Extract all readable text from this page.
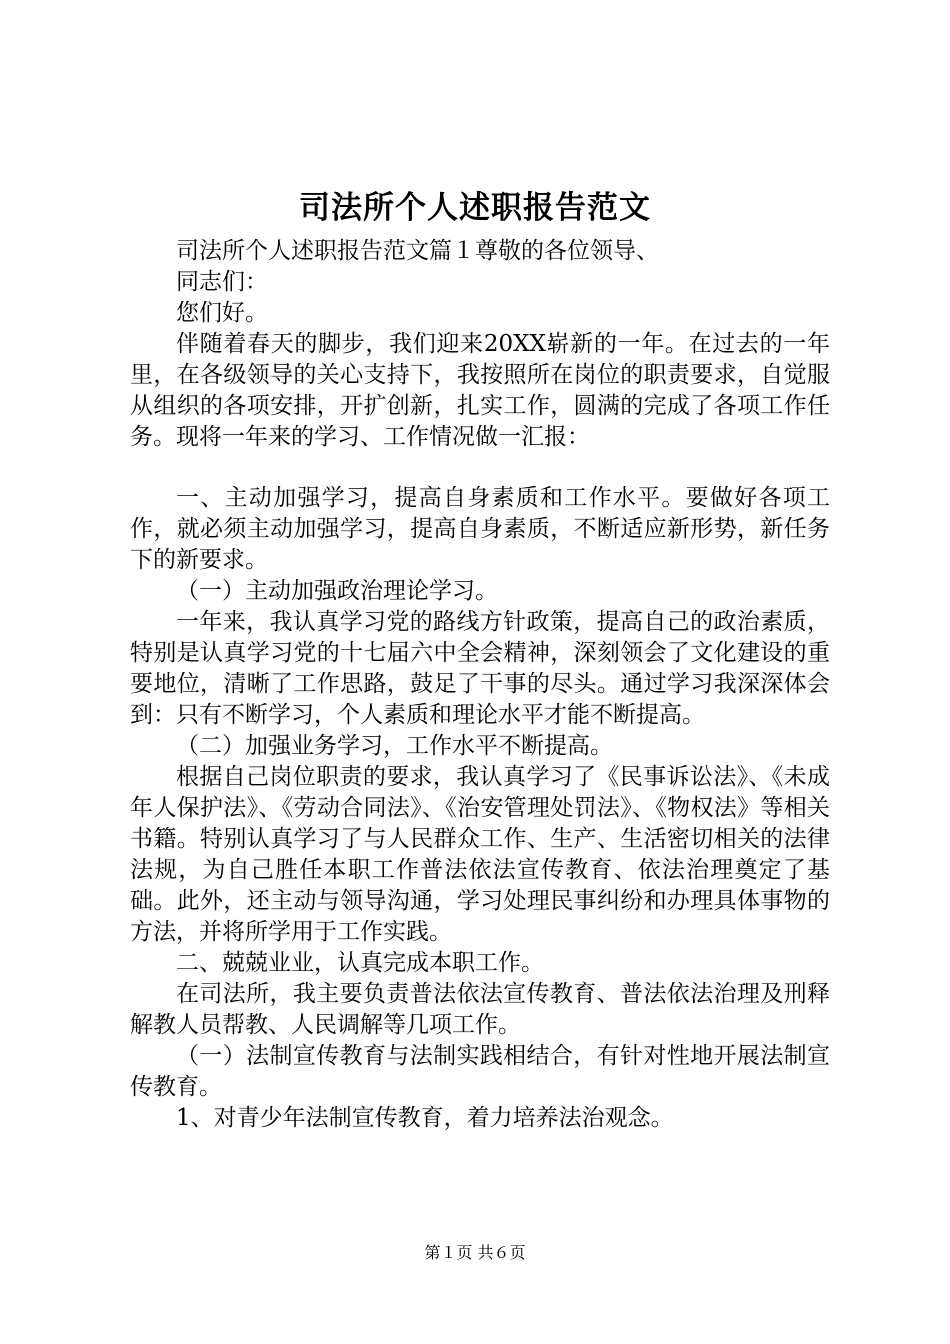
司法所个人述职报告范文

司法所个人述职报告范文篇１尊敬的各位领导、

同志们：

您们好。

伴随着春天的脚步，我们迎来20XX崭新的一年。在过去的一年里，在各级领导的关心支持下，我按照所在岗位的职责要求，自觉服从组织的各项安排，开扩创新，扎实工作，圆满的完成了各项工作任务。现将一年来的学习、工作情况做一汇报：

一、主动加强学习，提高自身素质和工作水平。要做好各项工作，就必须主动加强学习，提高自身素质，不断适应新形势，新任务下的新要求。

（一）主动加强政治理论学习。

一年来，我认真学习党的路线方针政策，提高自己的政治素质，特别是认真学习党的十七届六中全会精神，深刻领会了文化建设的重要地位，清晰了工作思路，鼓足了干事的尽头。通过学习我深深体会到：只有不断学习，个人素质和理论水平才能不断提高。

（二）加强业务学习，工作水平不断提高。

根据自己岗位职责的要求，我认真学习了《民事诉讼法》、《未成年人保护法》、《劳动合同法》、《治安管理处罚法》、《物权法》等相关书籍。特别认真学习了与人民群众工作、生产、生活密切相关的法律法规，为自己胜任本职工作普法依法宣传教育、依法治理奠定了基础。此外，还主动与领导沟通，学习处理民事纠纷和办理具体事物的方法，并将所学用于工作实践。

二、兢兢业业，认真完成本职工作。

在司法所，我主要负责普法依法宣传教育、普法依法治理及刑释解教人员帮教、人民调解等几项工作。

（一）法制宣传教育与法制实践相结合，有针对性地开展法制宣传教育。

1、对青少年法制宣传教育，着力培养法治观念。

第１页 共６页
